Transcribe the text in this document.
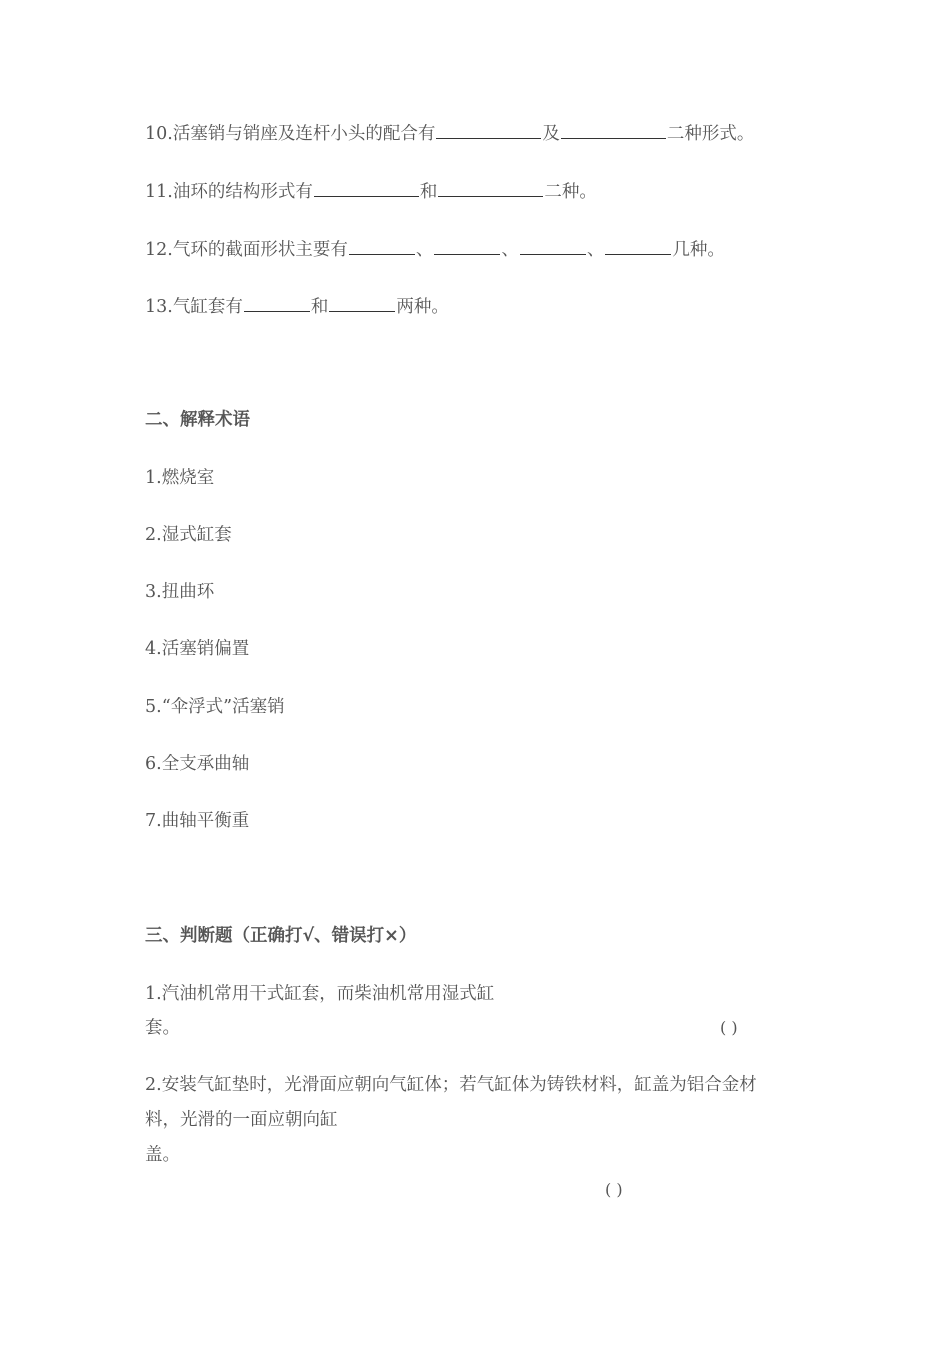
10.活塞销与销座及连杆小头的配合有	及	二种形式。
11.油环的结构形式有	和	二种。
12.气环的截面形状主要有	、	、	、	几种。
13.气缸套有	和	两种。
二、解释术语
1.燃烧室
2.湿式缸套
3.扭曲环
4.活塞销偏置
5.“伞浮式”活塞销
6.全支承曲轴
7.曲轴平衡重
三、判断题（正确打√、错误打×）
1.汽油机常用干式缸套，而柴油机常用湿式缸
套。	( )
2.安装气缸垫时，光滑面应朝向气缸体；若气缸体为铸铁材料，缸盖为铝合金材
料，光滑的一面应朝向缸
盖。
( )
